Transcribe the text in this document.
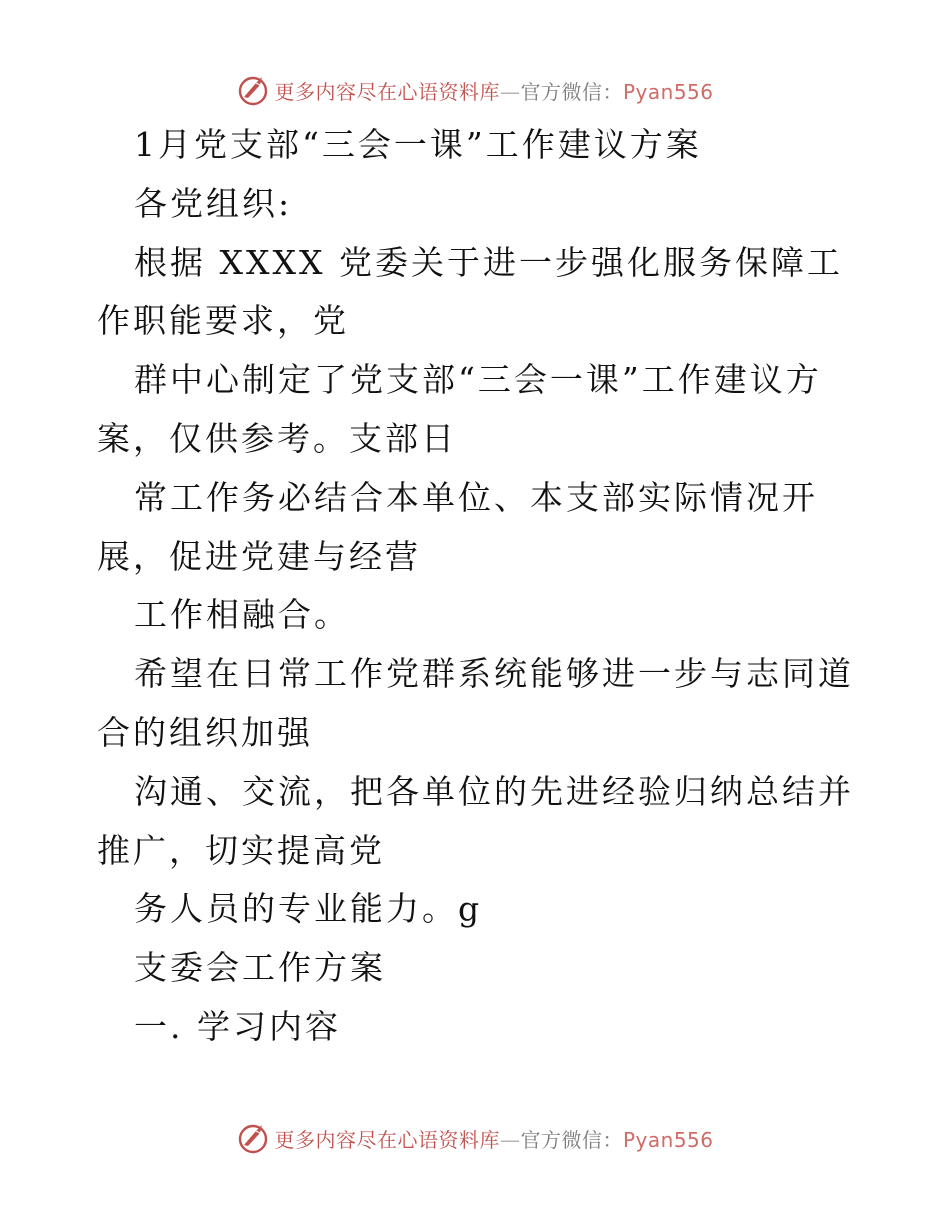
更多内容尽在心语资料库—官方微信：Pyan556

1月党支部“三会一课”工作建议方案

各党组织:

根据 XXXX 党委关于进一步强化服务保障工作职能要求，党

群中心制定了党支部“三会一课”工作建议方案，仅供参考。支部日

常工作务必结合本单位、本支部实际情况开展，促进党建与经营

工作相融合。

希望在日常工作党群系统能够进一步与志同道合的组织加强

沟通、交流，把各单位的先进经验归纳总结并推广，切实提高党

务人员的专业能力。g

支委会工作方案

一. 学习内容

更多内容尽在心语资料库—官方微信：Pyan556
